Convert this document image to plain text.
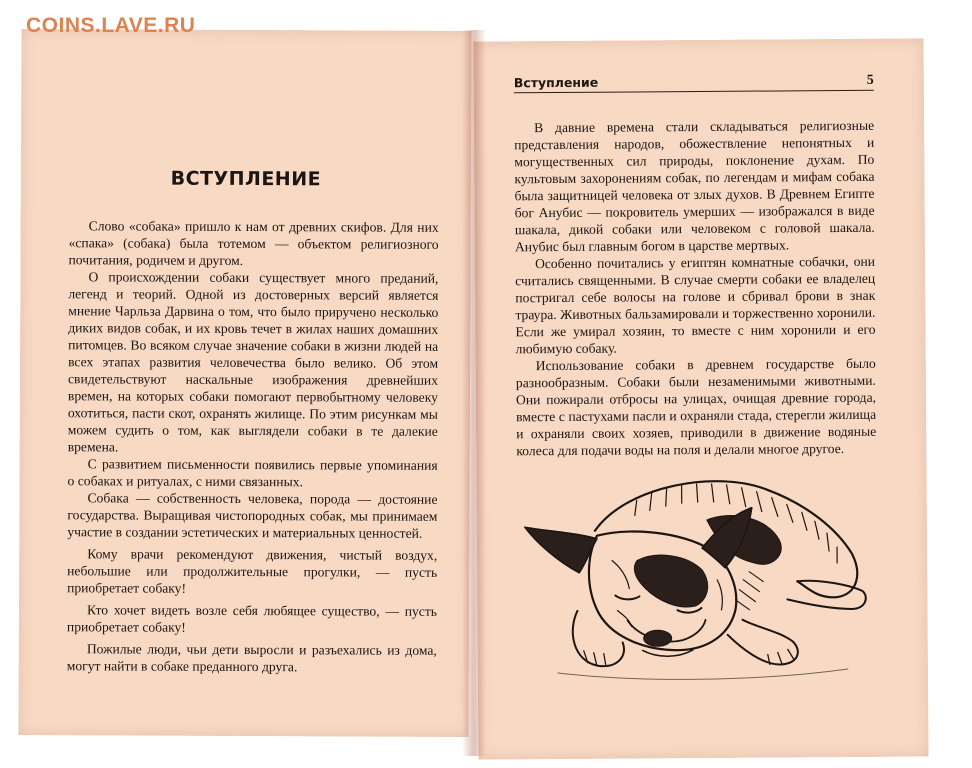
COINS.LAVE.RU
ВСТУПЛЕНИЕ

Слово «собака» пришло к нам от древних скифов. Для них «спака» (собака) была тотемом — объектом религиозного почитания, родичем и другом.

О происхождении собаки существует много преданий, легенд и теорий. Одной из достоверных версий является мнение Чарльза Дарвина о том, что было приручено несколько диких видов собак, и их кровь течет в жилах наших домашних питомцев. Во всяком случае значение собаки в жизни людей на всех этапах развития человечества было велико. Об этом свидетельствуют наскальные изображения древнейших времен, на которых собаки помогают первобытному человеку охотиться, пасти скот, охранять жилище. По этим рисункам мы можем судить о том, как выглядели собаки в те далекие времена.

С развитием письменности появились первые упоминания о собаках и ритуалах, с ними связанных.

Собака — собственность человека, порода — достояние государства. Выращивая чистопородных собак, мы принимаем участие в создании эстетических и материальных ценностей.

Кому врачи рекомендуют движения, чистый воздух, небольшие или продолжительные прогулки, — пусть приобретает собаку!

Кто хочет видеть возле себя любящее существо, — пусть приобретает собаку!

Пожилые люди, чьи дети выросли и разъехались из дома, могут найти в собаке преданного друга.

Вступление	5

В давние времена стали складываться религиозные представления народов, обожествление непонятных и могущественных сил природы, поклонение духам. По культовым захоронениям собак, по легендам и мифам собака была защитницей человека от злых духов. В Древнем Египте бог Анубис — покровитель умерших — изображался в виде шакала, дикой собаки или человеком с головой шакала. Анубис был главным богом в царстве мертвых.

Особенно почитались у египтян комнатные собачки, они считались священными. В случае смерти собаки ее владелец постригал себе волосы на голове и сбривал брови в знак траура. Животных бальзамировали и торжественно хоронили. Если же умирал хозяин, то вместе с ним хоронили и его любимую собаку.

Использование собаки в древнем государстве было разнообразным. Собаки были незаменимыми животными. Они пожирали отбросы на улицах, очищая древние города, вместе с пастухами пасли и охраняли стада, стерегли жилища и охраняли своих хозяев, приводили в движение водяные колеса для подачи воды на поля и делали многое другое.
